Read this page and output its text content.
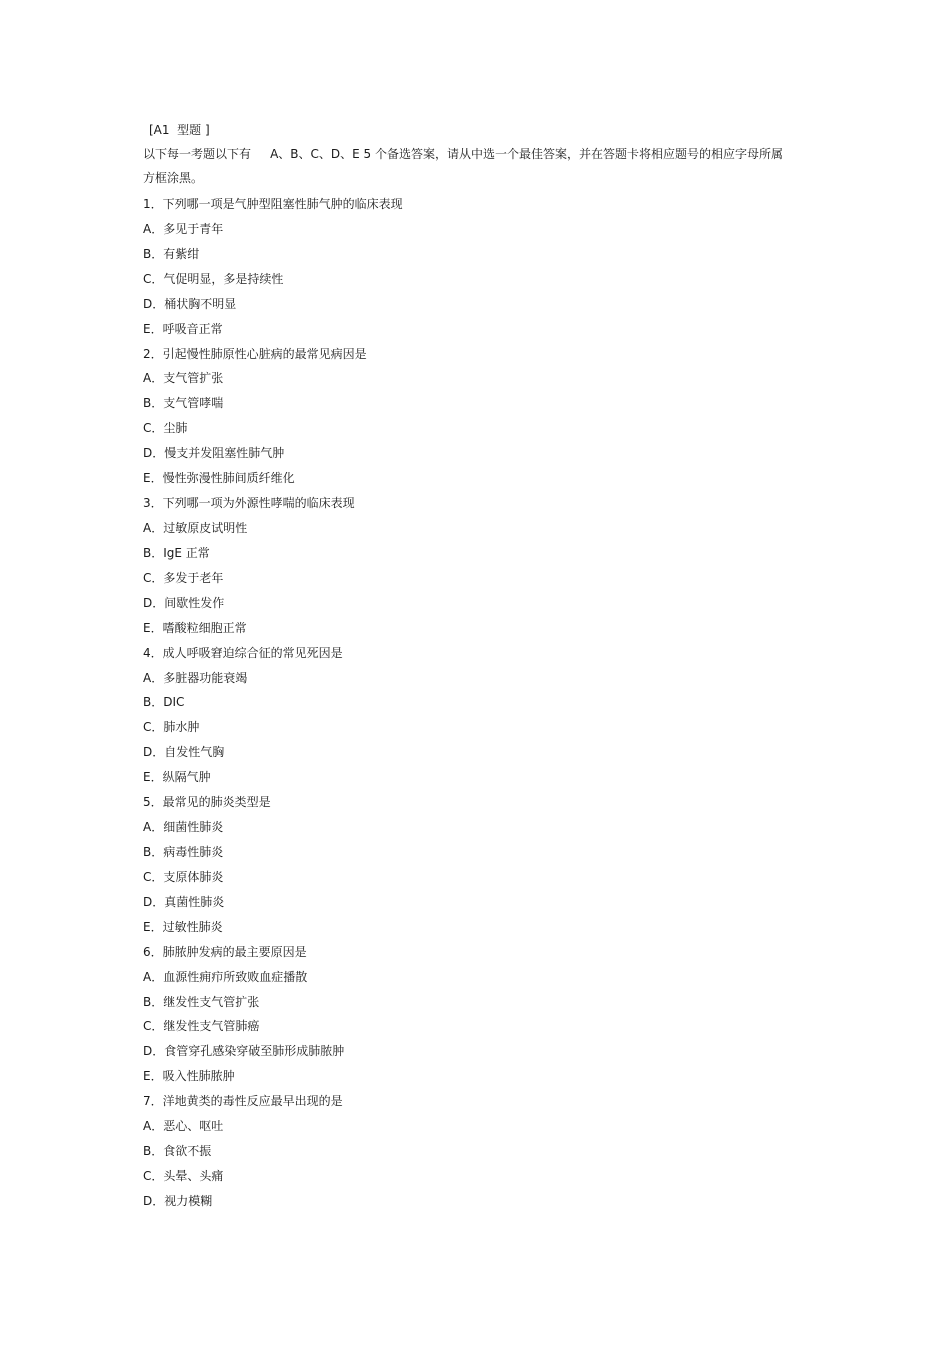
[A1  型题 ]
以下每一考题以下有     A、B、C、D、E 5 个备选答案，请从中选一个最佳答案，并在答题卡将相应题号的相应字母所属方框涂黑。
1．下列哪一项是气肿型阻塞性肺气肿的临床表现
A．多见于青年
B．有紫绀
C．气促明显，多是持续性
D．桶状胸不明显
E．呼吸音正常
2．引起慢性肺原性心脏病的最常见病因是
A．支气管扩张
B．支气管哮喘
C．尘肺
D．慢支并发阻塞性肺气肿
E．慢性弥漫性肺间质纤维化
3．下列哪一项为外源性哮喘的临床表现
A．过敏原皮试明性
B．IgE 正常
C．多发于老年
D．间歇性发作
E．嗜酸粒细胞正常
4．成人呼吸窘迫综合征的常见死因是
A．多脏器功能衰竭
B．DIC
C．肺水肿
D．自发性气胸
E．纵隔气肿
5．最常见的肺炎类型是
A．细菌性肺炎
B．病毒性肺炎
C．支原体肺炎
D．真菌性肺炎
E．过敏性肺炎
6．肺脓肿发病的最主要原因是
A．血源性痈疖所致败血症播散
B．继发性支气管扩张
C．继发性支气管肺癌
D．食管穿孔感染穿破至肺形成肺脓肿
E．吸入性肺脓肿
7．洋地黄类的毒性反应最早出现的是
A．恶心、呕吐
B．食欲不振
C．头晕、头痛
D．视力模糊
